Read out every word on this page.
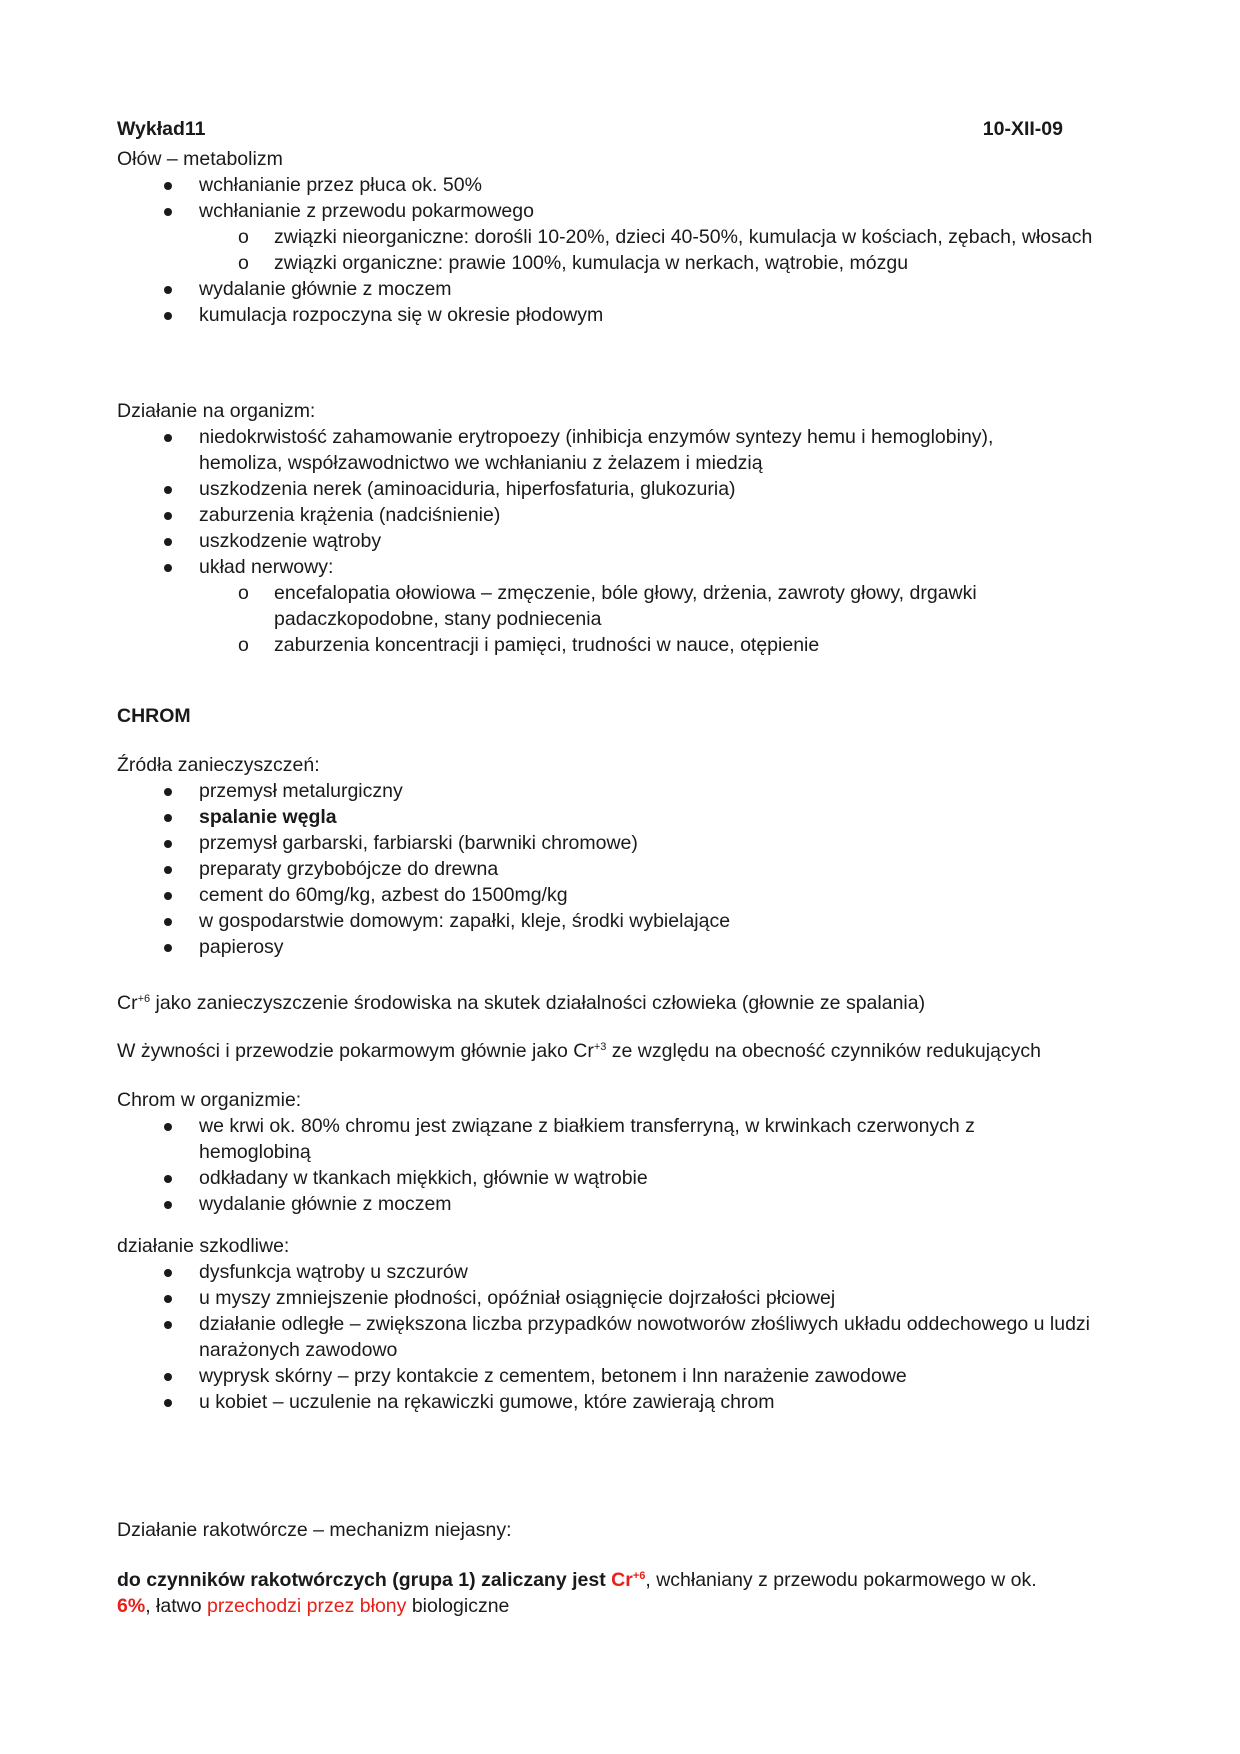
Wykład11	10-XII-09
Ołów – metabolizm
wchłanianie przez płuca ok. 50%
wchłanianie z przewodu pokarmowego
o związki nieorganiczne: dorośli 10-20%, dzieci 40-50%, kumulacja w kościach, zębach, włosach
o związki organiczne: prawie 100%, kumulacja w nerkach, wątrobie, mózgu
wydalanie głównie z moczem
kumulacja rozpoczyna się w okresie płodowym
Działanie na organizm:
niedokrwistość zahamowanie erytropoezy (inhibicja enzymów syntezy hemu i hemoglobiny), hemoliza, współzawodnictwo we wchłanianiu z żelazem i miedzią
uszkodzenia nerek (aminoaciduria, hiperfosfaturia, glukozuria)
zaburzenia krążenia (nadciśnienie)
uszkodzenie wątroby
układ nerwowy:
o encefalopatia ołowiowa – zmęczenie, bóle głowy, drżenia, zawroty głowy, drgawki padaczkopodobne, stany podniecenia
o zaburzenia koncentracji i pamięci, trudności w nauce, otępienie
CHROM
Źródła zanieczyszczeń:
przemysł metalurgiczny
spalanie węgla
przemysł garbarski, farbiarski (barwniki chromowe)
preparaty grzybobójcze do drewna
cement do 60mg/kg, azbest do 1500mg/kg
w gospodarstwie domowym: zapałki, kleje, środki wybielające
papierosy
$Cr^{+6}$ jako zanieczyszczenie środowiska na skutek działalności człowieka (głownie ze spalania)
W żywności i przewodzie pokarmowym głównie jako $Cr^{+3}$ ze względu na obecność czynników redukujących
Chrom w organizmie:
we krwi ok. 80% chromu jest związane z białkiem transferryną, w krwinkach czerwonych z hemoglobiną
odkładany w tkankach miękkich, głównie w wątrobie
wydalanie głównie z moczem
działanie szkodliwe:
dysfunkcja wątroby u szczurów
u myszy zmniejszenie płodności, opóźniał osiągnięcie dojrzałości płciowej
działanie odległe – zwiększona liczba przypadków nowotworów złośliwych układu oddechowego u ludzi narażonych zawodowo
wyprysk skórny – przy kontakcie z cementem, betonem i lnn narażenie zawodowe
u kobiet – uczulenie na rękawiczki gumowe, które zawierają chrom
Działanie rakotwórcze – mechanizm niejasny:
do czynników rakotwórczych (grupa 1) zaliczany jest $Cr^{+6}$, wchłaniany z przewodu pokarmowego w ok.
6%, łatwo przechodzi przez błony biologiczne
